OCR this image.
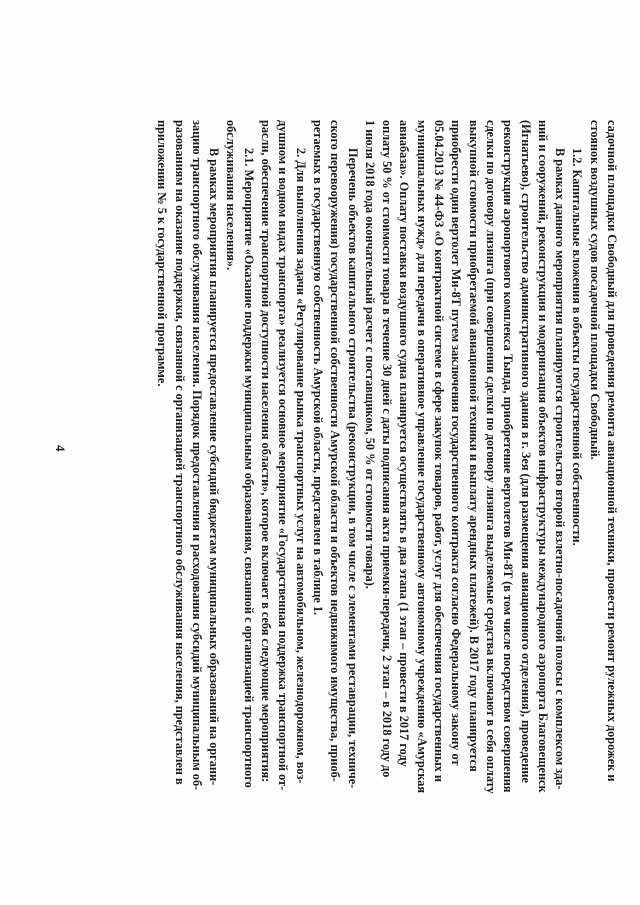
4	садочной площадки Свободный для проведения ремонта авиационной техники, провести ремонт рулежных дорожек и

стоянок воздушных судов посадочной площадки Свободный.

1.2. Капитальные вложения в объекты государственной собственности.

В рамках данного мероприятия планируются строительство второй взлетно-посадочной полосы с комплексом зда-

ний и сооружений, реконструкция и модернизация объектов инфраструктуры международного аэропорта Благовещенск

(Игнатьево), строительство административного здания в г. Зея (для размещения авиационного отделения), проведение

реконструкции аэропортового комплекса Тында, приобретение вертолетов Ми-8Т (в том числе посредством совершения

сделки по договору лизинга (при совершении сделки по договору лизинга выделяемые средства включают в себя оплату

выкупной стоимости приобретаемой авиационной техники и выплату арендных платежей). В 2017 году планируется

приобрести один вертолет Ми-8Т путем заключения государственного контракта согласно Федеральному закону от

05.04.2013 № 44-ФЗ «О контрактной системе в сфере закупок товаров, работ, услуг для обеспечения государственных и

муниципальных нужд» для передачи в оперативное управление государственному автономному учреждению «Амурская

авиабаза». Оплату поставки воздушного судна планируется осуществлять в два этапа (1 этап – провести в 2017 году

оплату 50 % от стоимости товара в течение 30 дней с даты подписания акта приемки-передачи, 2 этап – в 2018 году до

1 июля 2018 года окончательный расчет с поставщиком, 50 % от стоимости товара).

Перечень объектов капитального строительства (реконструкции, в том числе с элементами реставрации, техниче-

ского перевооружения) государственной собственности Амурской области и объектов недвижимого имущества, приоб-

ретаемых в государственную собственность Амурской области, представлен в таблице 1.

2. Для выполнения задачи «Регулирование рынка транспортных услуг на автомобильном, железнодорожном, воз-

душном и водном видах транспорта» реализуется основное мероприятие «Государственная поддержка транспортной от-

расли, обеспечение транспортной доступности населения области», которое включает в себя следующие мероприятия:

2.1. Мероприятие «Оказание поддержки муниципальным образованиям, связанной с организацией транспортного

обслуживания населения».

В рамках мероприятия планируется предоставление субсидий бюджетам муниципальных образований на органи-

зацию транспортного обслуживания населения. Порядок предоставления и расходования субсидий муниципальным об-

разованиям на оказание поддержки, связанной с организацией транспортного обслуживания населения, представлен в

приложении № 5 к государственной программе.
